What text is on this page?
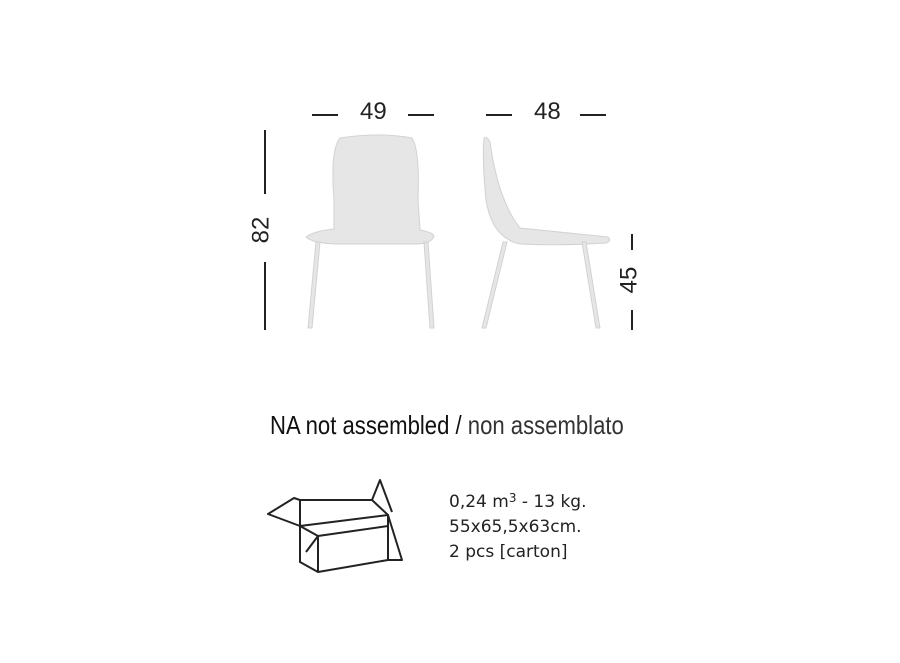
49	48
82
45
NA not assembled / non assemblato
0,24 $m^3 - 13$ kg.
55x65,5x63cm.
2 pcs [carton]
